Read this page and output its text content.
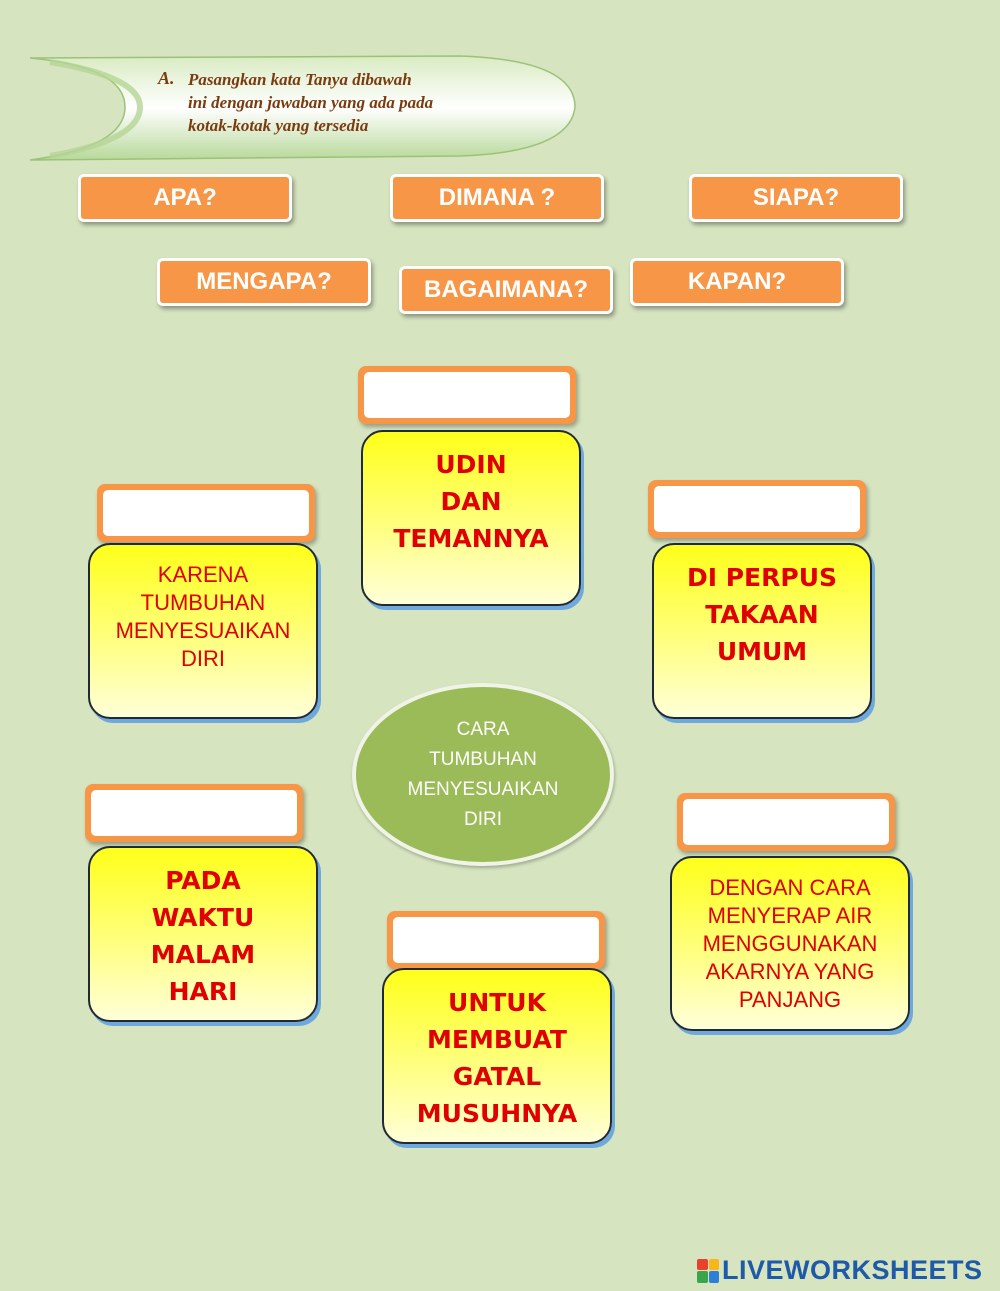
A. Pasangkan kata Tanya dibawah
ini dengan jawaban yang ada pada
kotak-kotak yang tersedia
APA?	DIMANA ?	SIAPA?
MENGAPA?	BAGAIMANA?	KAPAN?
UDIN
DAN
TEMANNYA
KARENA
TUMBUHAN
MENYESUAIKAN
DIRI
DI PERPUS
TAKAAN
UMUM
PADA
WAKTU
MALAM
HARI
DENGAN CARA
MENYERAP AIR
MENGGUNAKAN
AKARNYA YANG
PANJANG
UNTUK
MEMBUAT
GATAL
MUSUHNYA
CARA
TUMBUHAN
MENYESUAIKAN
DIRI
LIVEWORKSHEETS
